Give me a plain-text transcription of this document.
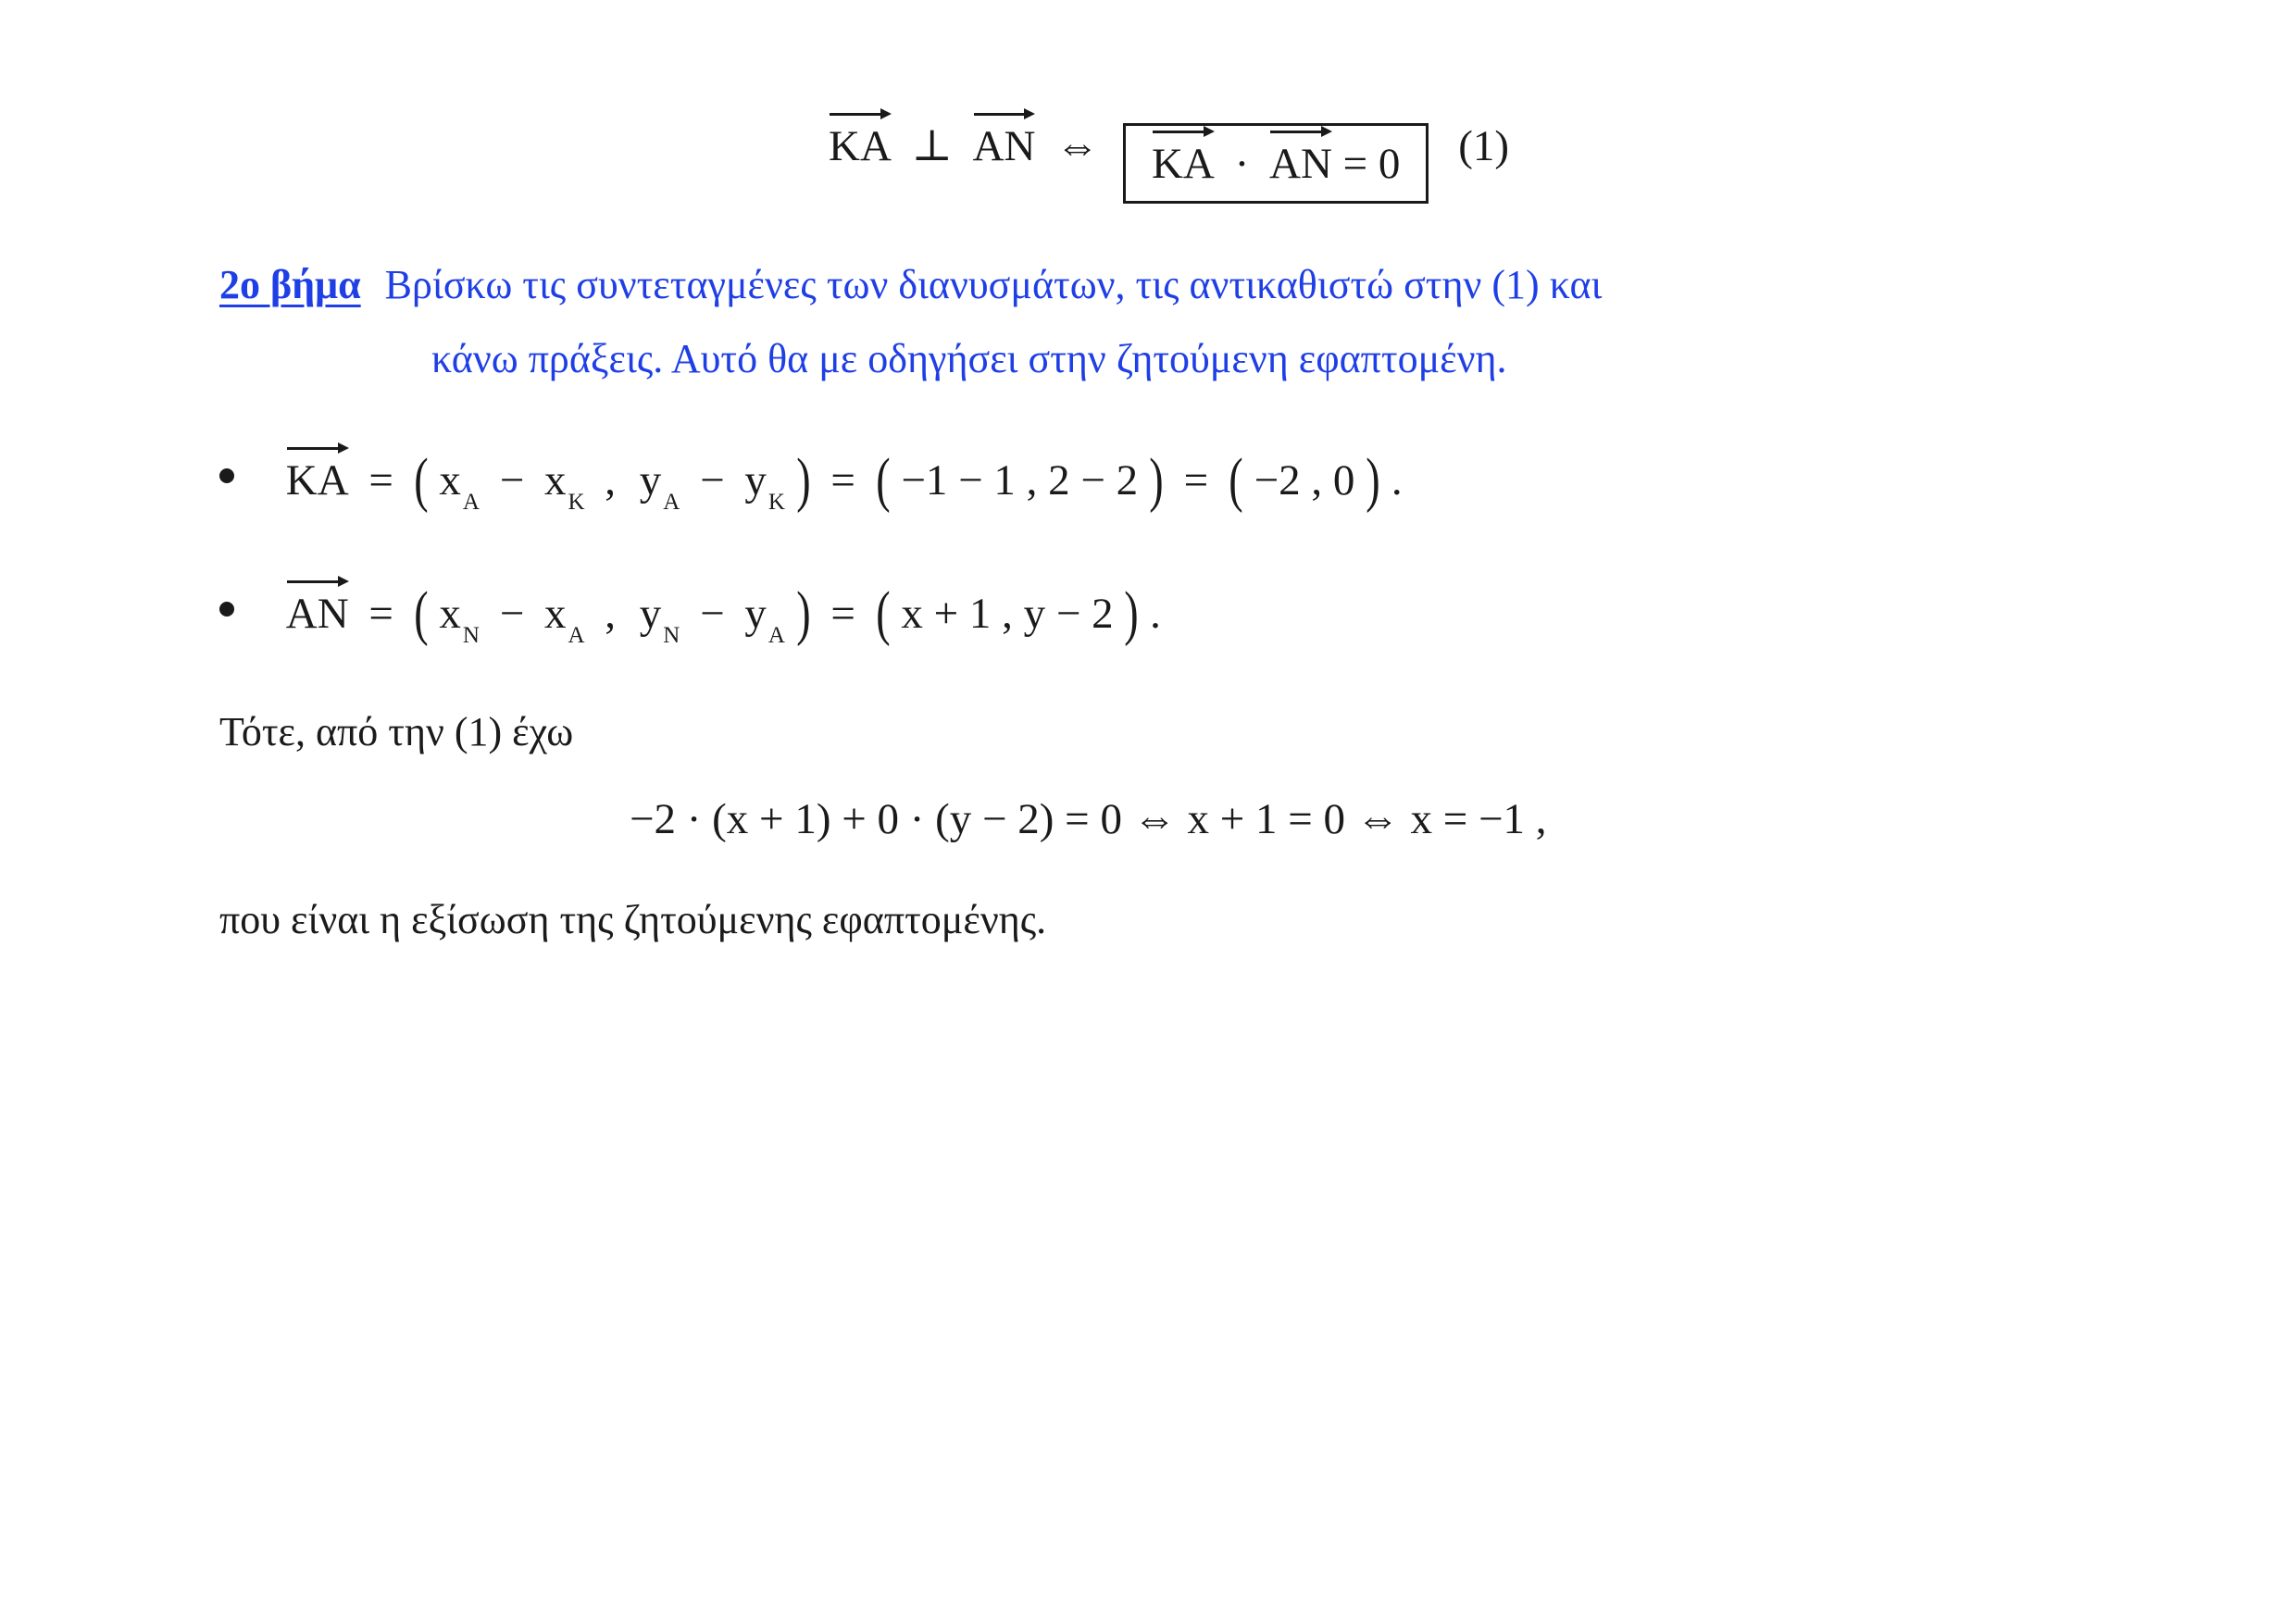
KA ⊥ AN ⇔ KA · AN = 0 (1)
2ο βήμα Βρίσκω τις συντεταγμένες των διανυσμάτων, τις αντικαθιστώ στην (1) και
κάνω πράξεις. Αυτό θα με οδηγήσει στην ζητούμενη εφαπτομένη.
KA = ( $x_A - x_K$ , $y_A - y_K$ ) = ( −1 − 1 , 2 − 2 ) = ( −2 , 0 ) .
AN = ( $x_N - x_A$ , $y_N - y_A$ ) = ( x + 1 , y − 2 ) .
Τότε, από την (1) έχω
−2 · (x + 1) + 0 · (y − 2) = 0 ⇔ x + 1 = 0 ⇔ x = −1 ,
που είναι η εξίσωση της ζητούμενης εφαπτομένης.
